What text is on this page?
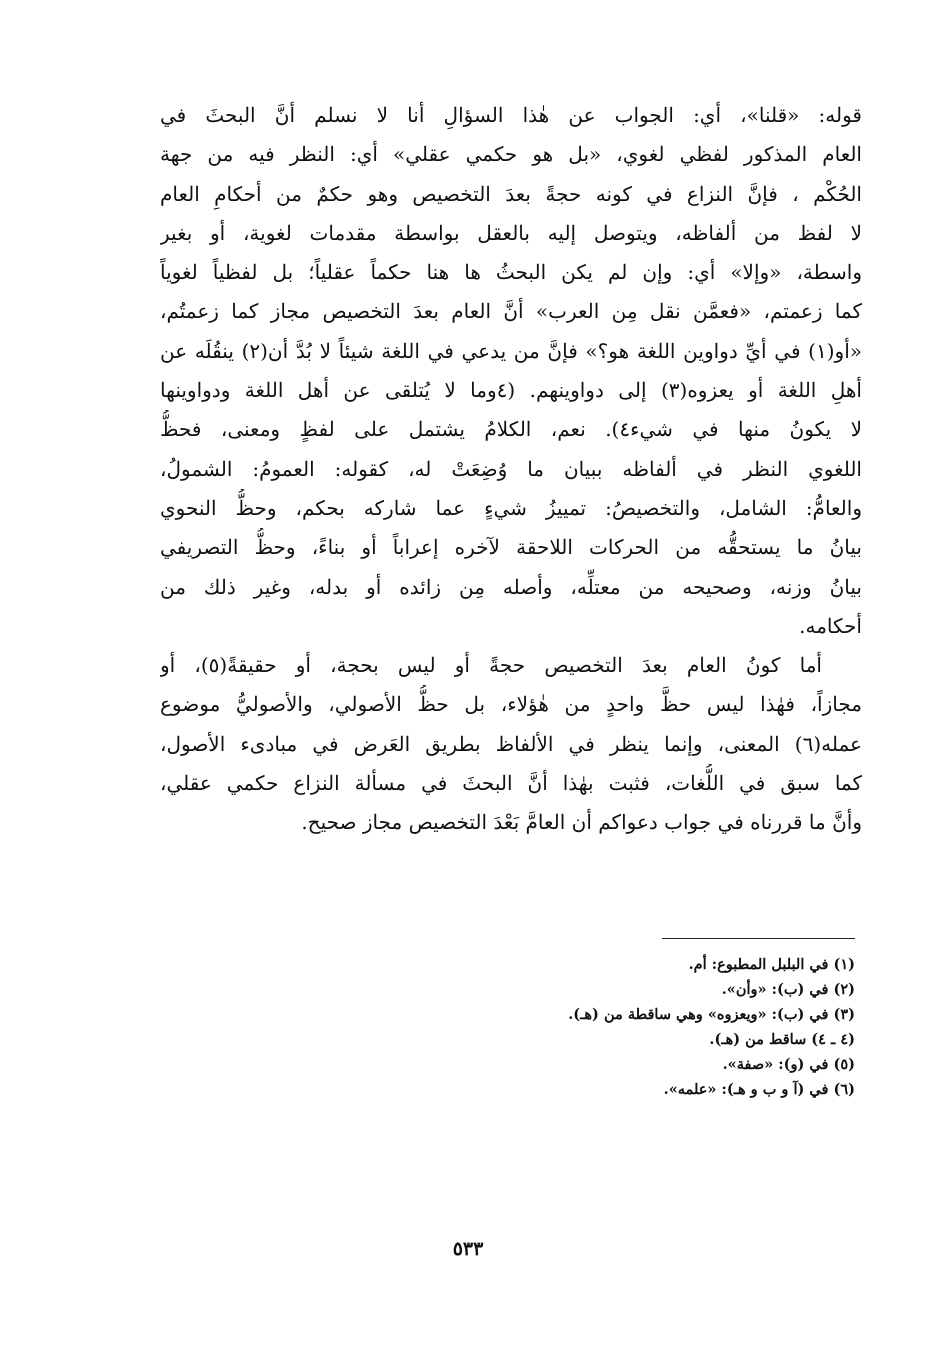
قوله: «قلنا»، أي: الجواب عن هٰذا السؤالِ أنا لا نسلم أنَّ البحثَ في
العام المذكور لفظي لغوي، «بل هو حكمي عقلي» أي: النظر فيه من جهة
الحُكْم ، فإنَّ النزاع في كونه حجةً بعدَ التخصيص وهو حكمٌ من أحكامِ العام
لا لفظ من ألفاظه، ويتوصل إليه بالعقل بواسطة مقدمات لغوية، أو بغير
واسطة، «وإلا» أي: وإن لم يكن البحثُ ها هنا حكماً عقلياً؛ بل لفظياً لغوياً
كما زعمتم، «فعمَّن نقل مِن العرب» أنَّ العام بعدَ التخصيص مجاز كما زعمتُم،
«أو(١) في أيِّ دواوين اللغة هو؟» فإنَّ من يدعي في اللغة شيئاً لا بُدَّ أن(٢) ينقُلَه عن
أهلِ اللغة أو يعزوه(٣) إلى دواوينهم. (٤وما لا يُتلقى عن أهل اللغة ودواوينها
لا يكونُ منها في شيء٤). نعم، الكلامُ يشتمل على لفظٍ ومعنى، فحظُّ
اللغوي النظر في ألفاظه ببيان ما وُضِعَتْ له، كقوله: العمومُ: الشمولُ،
والعامُّ: الشامل، والتخصيصُ: تمييزُ شيءٍ عما شاركه بحكم، وحظُّ النحوي
بيانُ ما يستحقُّه من الحركات اللاحقة لآخره إعراباً أو بناءً، وحظُّ التصريفي
بيانُ وزنه، وصحيحه من معتلِّه، وأصله مِن زائده أو بدله، وغير ذلك من
أحكامه.
أما كونُ العام بعدَ التخصيص حجةً أو ليس بحجة، أو حقيقةً(٥)، أو
مجازاً، فهٰذا ليس حظَّ واحدٍ من هٰؤلاء، بل حظُّ الأصولي، والأصوليُّ موضوع
عمله(٦) المعنى، وإنما ينظر في الألفاظ بطريق العَرض في مبادىء الأصول،
كما سبق في اللُّغات، فثبت بهٰذا أنَّ البحثَ في مسألة النزاع حكمي عقلي،
وأنَّ ما قررناه في جواب دعواكم أن العامَّ بَعْدَ التخصيص مجاز صحيح.
(١) في البلبل المطبوع: أم.
(٢) في (ب): «وأن».
(٣) في (ب): «ويعزوه» وهي ساقطة من (هـ).
(٤ ـ ٤) ساقط من (هـ).
(٥) في (و): «صفة».
(٦) في (آ و ب و هـ): «علمه».
٥٣٣
